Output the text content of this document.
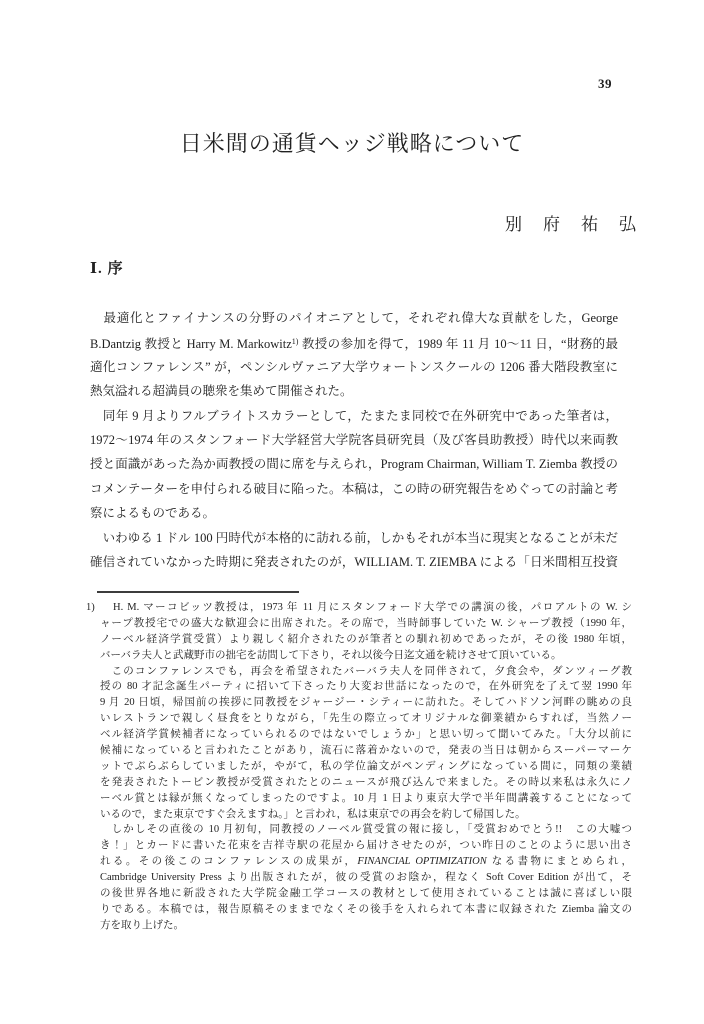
39
日米間の通貨ヘッジ戦略について
別　府　祐　弘
Ⅰ. 序
　最適化とファイナンスの分野のパイオニアとして，それぞれ偉大な貢献をした，George
B.Dantzig 教授と Harry M. Markowitz$^{1)}$ 教授の参加を得て，1989 年 11 月 10～11 日，“財務的最
適化コンファレンス” が，ペンシルヴァニア大学ウォートンスクールの 1206 番大階段教室に
熱気溢れる超満員の聴衆を集めて開催された。
　同年 9 月よりフルブライトスカラーとして，たまたま同校で在外研究中であった筆者は，
1972～1974 年のスタンフォード大学経営大学院客員研究員（及び客員助教授）時代以来両教
授と面識があった為か両教授の間に席を与えられ，Program Chairman, William T. Ziemba 教授の
コメンテーターを申付られる破目に陥った。本稿は，この時の研究報告をめぐっての討論と考
察によるものである。
　いわゆる 1 ドル 100 円時代が本格的に訪れる前，しかもそれが本当に現実となることが未だ
確信されていなかった時期に発表されたのが，WILLIAM. T. ZIEMBA による「日米間相互投資
1) H. M. マーコビッツ教授は，1973 年 11 月にスタンフォード大学での講演の後，パロアルトの W. シ
ャープ教授宅での盛大な歓迎会に出席された。その席で，当時師事していた W. シャープ教授（1990 年，
ノーベル経済学賞受賞）より親しく紹介されたのが筆者との馴れ初めであったが，その後 1980 年頃，
バーバラ夫人と武蔵野市の拙宅を訪問して下さり，それ以後今日迄文通を続けさせて頂いている。
　このコンファレンスでも，再会を希望されたバーバラ夫人を同伴されて，夕食会や，ダンツィーグ教
授の 80 才記念誕生パーティに招いて下さったり大変お世話になったので，在外研究を了えて翌 1990 年
9 月 20 日頃，帰国前の挨拶に同教授をジャージー・シティーに訪れた。そしてハドソン河畔の眺めの良
いレストランで親しく昼食をとりながら，「先生の際立ってオリジナルな御業績からすれば，当然ノー
ベル経済学賞候補者になっていられるのではないでしょうか」と思い切って聞いてみた。「大分以前に
候補になっていると言われたことがあり，流石に落着かないので，発表の当日は朝からスーパーマーケ
ットでぶらぶらしていましたが，やがて，私の学位論文がペンディングになっている間に，同類の業績
を発表されたトービン教授が受賞されたとのニュースが飛び込んで来ました。その時以来私は永久にノ
ーベル賞とは縁が無くなってしまったのですよ。10 月 1 日より東京大学で半年間講義することになって
いるので，また東京ですぐ会えますね。」と言われ，私は東京での再会を約して帰国した。
　しかしその直後の 10 月初旬，同教授のノーベル賞受賞の報に接し，「受賞おめでとう!!　この大嘘つ
き！」とカードに書いた花束を吉祥寺駅の花屋から届けさせたのが，つい昨日のことのように思い出さ
れる。その後このコンファレンスの成果が，FINANCIAL OPTIMIZATION なる書物にまとめられ，
Cambridge University Press より出版されたが，彼の受賞のお陰か，程なく Soft Cover Edition が出て，そ
の後世界各地に新設された大学院金融工学コースの教材として使用されていることは誠に喜ばしい限
りである。本稿では，報告原稿そのままでなくその後手を入れられて本書に収録された Ziemba 論文の
方を取り上げた。
